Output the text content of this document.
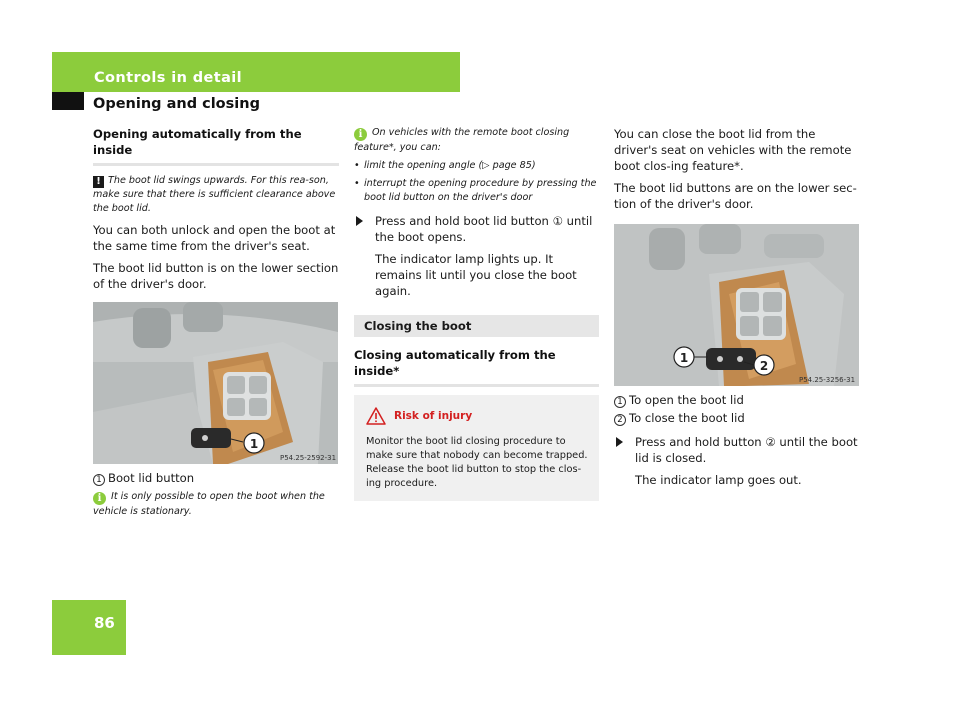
Controls in detail
Opening and closing
86
Opening automatically from the inside

! The boot lid swings upwards. For this rea-son, make sure that there is sufficient clearance above the boot lid.

You can both unlock and open the boot at the same time from the driver's seat.

The boot lid button is on the lower section of the driver's door.

1
P54.25-2592-31

1 Boot lid button

i It is only possible to open the boot when the vehicle is stationary.

i On vehicles with the remote boot closing feature*, you can:

• limit the opening angle (▷ page 85)
• interrupt the opening procedure by pressing the boot lid button on the driver's door
Press and hold boot lid button ① until the boot opens.

The indicator lamp lights up. It remains lit until you close the boot again.

Closing the boot
Closing automatically from the inside*
Risk of injury

Monitor the boot lid closing procedure to make sure that nobody can become trapped. Release the boot lid button to stop the clos-ing procedure.

You can close the boot lid from the driver's seat on vehicles with the remote boot clos-ing feature*.

The boot lid buttons are on the lower sec-tion of the driver's door.

1
2
P54.25-3256-31

1 To open the boot lid

2 To close the boot lid

Press and hold button ② until the boot lid is closed.

The indicator lamp goes out.
